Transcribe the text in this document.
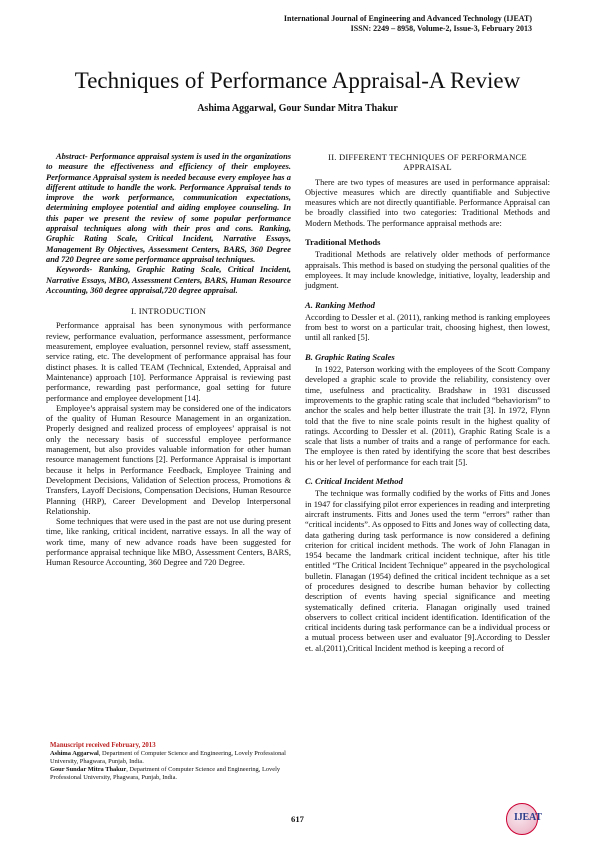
International Journal of Engineering and Advanced Technology (IJEAT)
ISSN: 2249 – 8958, Volume-2, Issue-3, February 2013
Techniques of Performance Appraisal-A Review
Ashima Aggarwal, Gour Sundar Mitra Thakur

Abstract- Performance appraisal system is used in the organizations to measure the effectiveness and efficiency of their employees. Performance Appraisal system is needed because every employee has a different attitude to handle the work. Performance Appraisal tends to improve the work performance, communication expectations, determining employee potential and aiding employee counseling. In this paper we present the review of some popular performance appraisal techniques along with their pros and cons. Ranking, Graphic Rating Scale, Critical Incident, Narrative Essays, Management By Objectives, Assessment Centers, BARS, 360 Degree and 720 Degree are some performance appraisal techniques.

Keywords- Ranking, Graphic Rating Scale, Critical Incident, Narrative Essays, MBO, Assessment Centers, BARS, Human Resource Accounting, 360 degree appraisal,720 degree appraisal.

I. INTRODUCTION

Performance appraisal has been synonymous with performance review, performance evaluation, performance assessment, performance measurement, employee evaluation, personnel review, staff assessment, service rating, etc. The development of performance appraisal has four distinct phases. It is called TEAM (Technical, Extended, Appraisal and Maintenance) approach [10]. Performance Appraisal is reviewing past performance, rewarding past performance, goal setting for future performance and employee development [14].

Employee’s appraisal system may be considered one of the indicators of the quality of Human Resource Management in an organization. Properly designed and realized process of employees’ appraisal is not only the necessary basis of successful employee performance management, but also provides valuable information for other human resource management functions [2]. Performance Appraisal is important because it helps in Performance Feedback, Employee Training and Development Decisions, Validation of Selection process, Promotions & Transfers, Layoff Decisions, Compensation Decisions, Human Resource Planning (HRP), Career Development and Develop Interpersonal Relationship.

Some techniques that were used in the past are not use during present time, like ranking, critical incident, narrative essays. In all the way of work time, many of new advance roads have been suggested for performance appraisal technique like MBO, Assessment Centers, BARS, Human Resource Accounting, 360 Degree and 720 Degree.

Manuscript received February, 2013
Ashima Aggarwal, Department of Computer Science and Engineering, Lovely Professional University, Phagwara, Punjab, India.
Gour Sundar Mitra Thakur, Department of Computer Science and Engineering, Lovely Professional University, Phagwara, Punjab, India.
II. DIFFERENT TECHNIQUES OF PERFORMANCE APPRAISAL

There are two types of measures are used in performance appraisal: Objective measures which are directly quantifiable and Subjective measures which are not directly quantifiable. Performance Appraisal can be broadly classified into two categories: Traditional Methods and Modern Methods. The performance appraisal methods are:

Traditional Methods

Traditional Methods are relatively older methods of performance appraisals. This method is based on studying the personal qualities of the employees. It may include knowledge, initiative, loyalty, leadership and judgment.

A. Ranking Method

According to Dessler et al. (2011), ranking method is ranking employees from best to worst on a particular trait, choosing highest, then lowest, until all ranked [5].

B. Graphic Rating Scales

In 1922, Paterson working with the employees of the Scott Company developed a graphic scale to provide the reliability, consistency over time, usefulness and practicality. Bradshaw in 1931 discussed improvements to the graphic rating scale that included “behaviorism” to anchor the scales and help better illustrate the trait [3]. In 1972, Flynn told that the five to nine scale points result in the highest quality of ratings. According to Dessler et al. (2011), Graphic Rating Scale is a scale that lists a number of traits and a range of performance for each. The employee is then rated by identifying the score that best describes his or her level of performance for each trait [5].

C. Critical Incident Method

The technique was formally codified by the works of Fitts and Jones in 1947 for classifying pilot error experiences in reading and interpreting aircraft instruments. Fitts and Jones used the term “errors” rather than “critical incidents”. As opposed to Fitts and Jones way of collecting data, data gathering during task performance is now considered a defining criterion for critical incident methods. The work of John Flanagan in 1954 became the landmark critical incident technique, after his title entitled “The Critical Incident Technique” appeared in the psychological bulletin. Flanagan (1954) defined the critical incident technique as a set of procedures designed to describe human behavior by collecting description of events having special significance and meeting systematically defined criteria. Flanagan originally used trained observers to collect critical incident identification. Identification of the critical incidents during task performance can be a individual process or a mutual process between user and evaluator [9].According to Dessler et. al.(2011),Critical Incident method is keeping a record of

617	IJEAT
